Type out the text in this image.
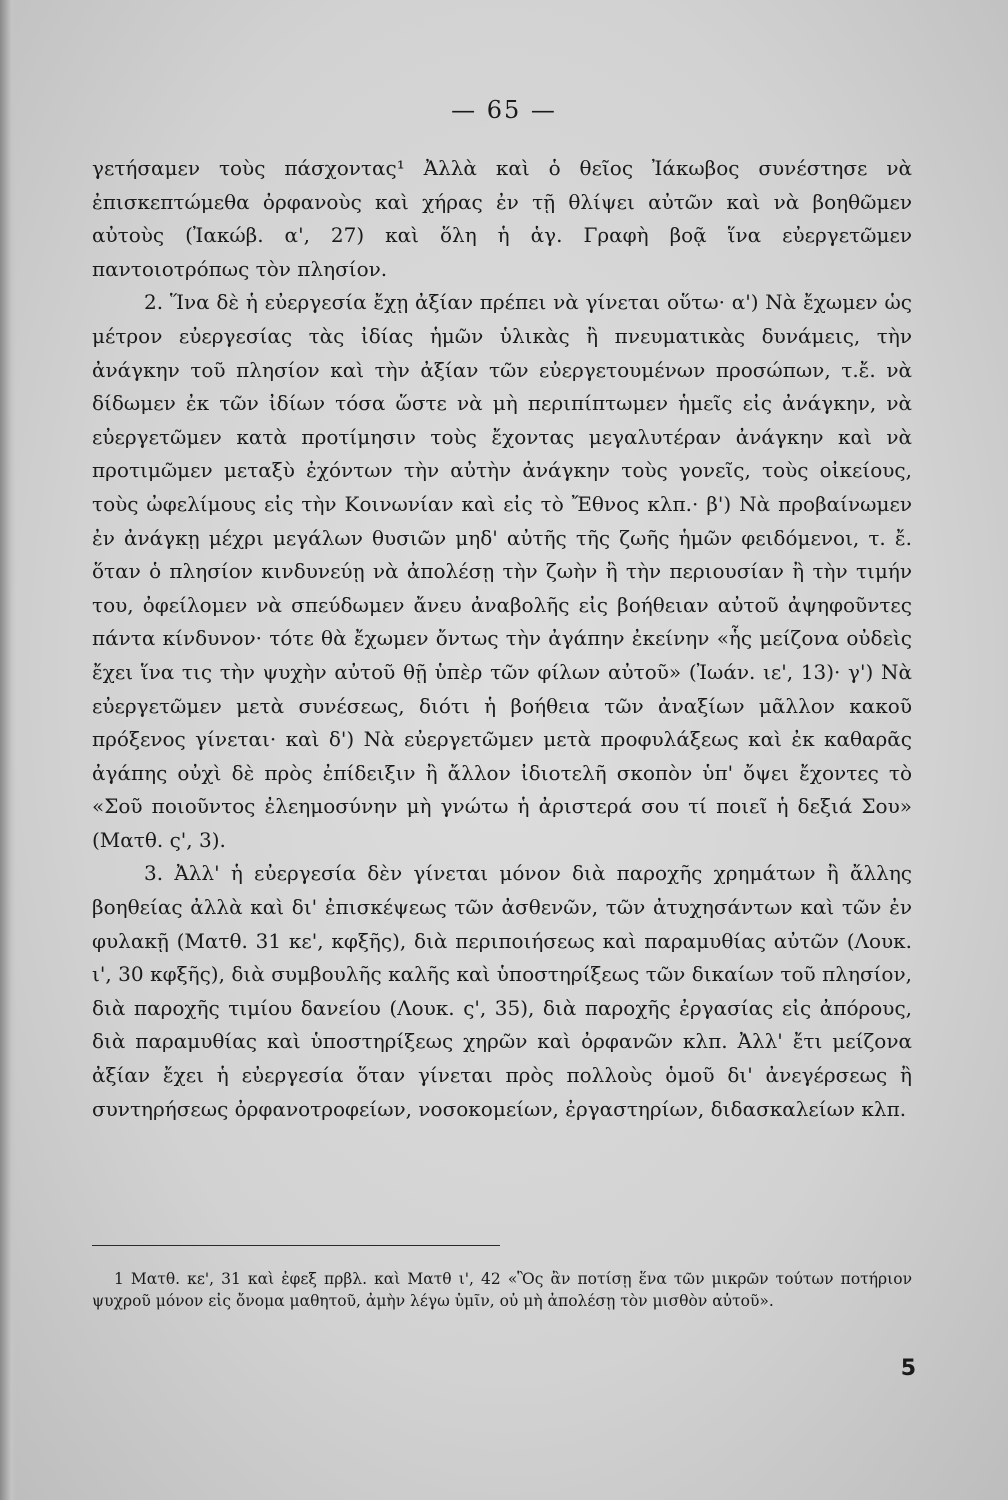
— 65 —

γετήσαμεν τοὺς πάσχοντας¹ Ἀλλὰ καὶ ὁ θεῖος Ἰάκωβος συνέστησε νὰ ἐπισκεπτώμεθα ὀρφανοὺς καὶ χήρας ἐν τῇ θλίψει αὐτῶν καὶ νὰ βοηθῶμεν αὐτοὺς (Ἰακώβ. α', 27) καὶ ὅλη ἡ ἁγ. Γραφὴ βοᾷ ἵνα εὐεργετῶμεν παντοιοτρόπως τὸν πλησίον.

2. Ἵνα δὲ ἡ εὐεργεσία ἔχῃ ἀξίαν πρέπει νὰ γίνεται οὕτω· α') Νὰ ἔχωμεν ὡς μέτρον εὐεργεσίας τὰς ἰδίας ἡμῶν ὑλικὰς ἢ πνευματικὰς δυνάμεις, τὴν ἀνάγκην τοῦ πλησίον καὶ τὴν ἀξίαν τῶν εὐεργετουμένων προσώπων, τ.ἔ. νὰ δίδωμεν ἐκ τῶν ἰδίων τόσα ὥστε νὰ μὴ περιπίπτωμεν ἡμεῖς εἰς ἀνάγκην, νὰ εὐεργετῶμεν κατὰ προτίμησιν τοὺς ἔχοντας μεγαλυτέραν ἀνάγκην καὶ νὰ προτιμῶμεν μεταξὺ ἐχόντων τὴν αὐτὴν ἀνάγκην τοὺς γονεῖς, τοὺς οἰκείους, τοὺς ὠφελίμους εἰς τὴν Κοινωνίαν καὶ εἰς τὸ Ἔθνος κλπ.· β') Νὰ προβαίνωμεν ἐν ἀνάγκῃ μέχρι μεγάλων θυσιῶν μηδ' αὐτῆς τῆς ζωῆς ἡμῶν φειδόμενοι, τ. ἔ. ὅταν ὁ πλησίον κινδυνεύῃ νὰ ἀπολέσῃ τὴν ζωὴν ἢ τὴν περιουσίαν ἢ τὴν τιμήν του, ὀφείλομεν νὰ σπεύδωμεν ἄνευ ἀναβολῆς εἰς βοήθειαν αὐτοῦ ἀψηφοῦντες πάντα κίνδυνον· τότε θὰ ἔχωμεν ὄντως τὴν ἀγάπην ἐκείνην «ἧς μείζονα οὐδεὶς ἔχει ἵνα τις τὴν ψυχὴν αὐτοῦ θῇ ὑπὲρ τῶν φίλων αὐτοῦ» (Ἰωάν. ιε', 13)· γ') Νὰ εὐεργετῶμεν μετὰ συνέσεως, διότι ἡ βοήθεια τῶν ἀναξίων μᾶλλον κακοῦ πρόξενος γίνεται· καὶ δ') Νὰ εὐεργετῶμεν μετὰ προφυλάξεως καὶ ἐκ καθαρᾶς ἀγάπης οὐχὶ δὲ πρὸς ἐπίδειξιν ἢ ἄλλον ἰδιοτελῆ σκοπὸν ὑπ' ὄψει ἔχοντες τὸ «Σοῦ ποιοῦντος ἐλεημοσύνην μὴ γνώτω ἡ ἀριστερά σου τί ποιεῖ ἡ δεξιά Σου» (Ματθ. ς', 3).

3. Ἀλλ' ἡ εὐεργεσία δὲν γίνεται μόνον διὰ παροχῆς χρημάτων ἢ ἄλλης βοηθείας ἀλλὰ καὶ δι' ἐπισκέψεως τῶν ἀσθενῶν, τῶν ἀτυχησάντων καὶ τῶν ἐν φυλακῇ (Ματθ. 31 κε', κφξῆς), διὰ περιποιήσεως καὶ παραμυθίας αὐτῶν (Λουκ. ι', 30 κφξῆς), διὰ συμβουλῆς καλῆς καὶ ὑποστηρίξεως τῶν δικαίων τοῦ πλησίον, διὰ παροχῆς τιμίου δανείου (Λουκ. ς', 35), διὰ παροχῆς ἐργασίας εἰς ἀπόρους, διὰ παραμυθίας καὶ ὑποστηρίξεως χηρῶν καὶ ὀρφανῶν κλπ. Ἀλλ' ἔτι μείζονα ἀξίαν ἔχει ἡ εὐεργεσία ὅταν γίνεται πρὸς πολλοὺς ὁμοῦ δι' ἀνεγέρσεως ἢ συντηρήσεως ὀρφανοτροφείων, νοσοκομείων, ἐργαστηρίων, διδασκαλείων κλπ.

1 Ματθ. κε', 31 καὶ ἐφεξ πρβλ. καὶ Ματθ ι', 42 «Ὃς ἂν ποτίσῃ ἕνα τῶν μικρῶν τούτων ποτήριον ψυχροῦ μόνον εἰς ὄνομα μαθητοῦ, ἀμὴν λέγω ὑμῖν, οὐ μὴ ἀπολέσῃ τὸν μισθὸν αὐτοῦ».

5
